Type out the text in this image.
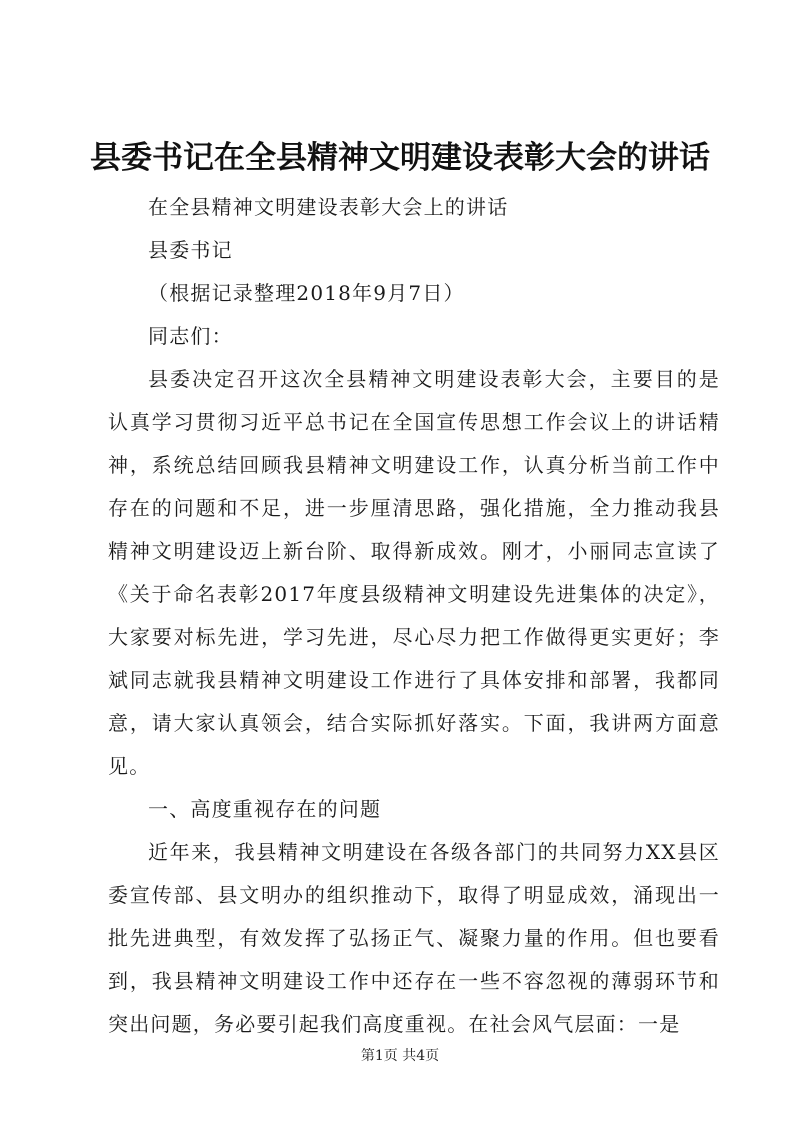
县委书记在全县精神文明建设表彰大会的讲话

在全县精神文明建设表彰大会上的讲话

县委书记

（根据记录整理2018年9月7日）

同志们：

县委决定召开这次全县精神文明建设表彰大会，主要目的是认真学习贯彻习近平总书记在全国宣传思想工作会议上的讲话精神，系统总结回顾我县精神文明建设工作，认真分析当前工作中存在的问题和不足，进一步厘清思路，强化措施，全力推动我县精神文明建设迈上新台阶、取得新成效。刚才，小丽同志宣读了《关于命名表彰2017年度县级精神文明建设先进集体的决定》，大家要对标先进，学习先进，尽心尽力把工作做得更实更好；李斌同志就我县精神文明建设工作进行了具体安排和部署，我都同意，请大家认真领会，结合实际抓好落实。下面，我讲两方面意见。

一、高度重视存在的问题

近年来，我县精神文明建设在各级各部门的共同努力XX县区委宣传部、县文明办的组织推动下，取得了明显成效，涌现出一批先进典型，有效发挥了弘扬正气、凝聚力量的作用。但也要看到，我县精神文明建设工作中还存在一些不容忽视的薄弱环节和突出问题，务必要引起我们高度重视。在社会风气层面：一是

第1页 共4页
